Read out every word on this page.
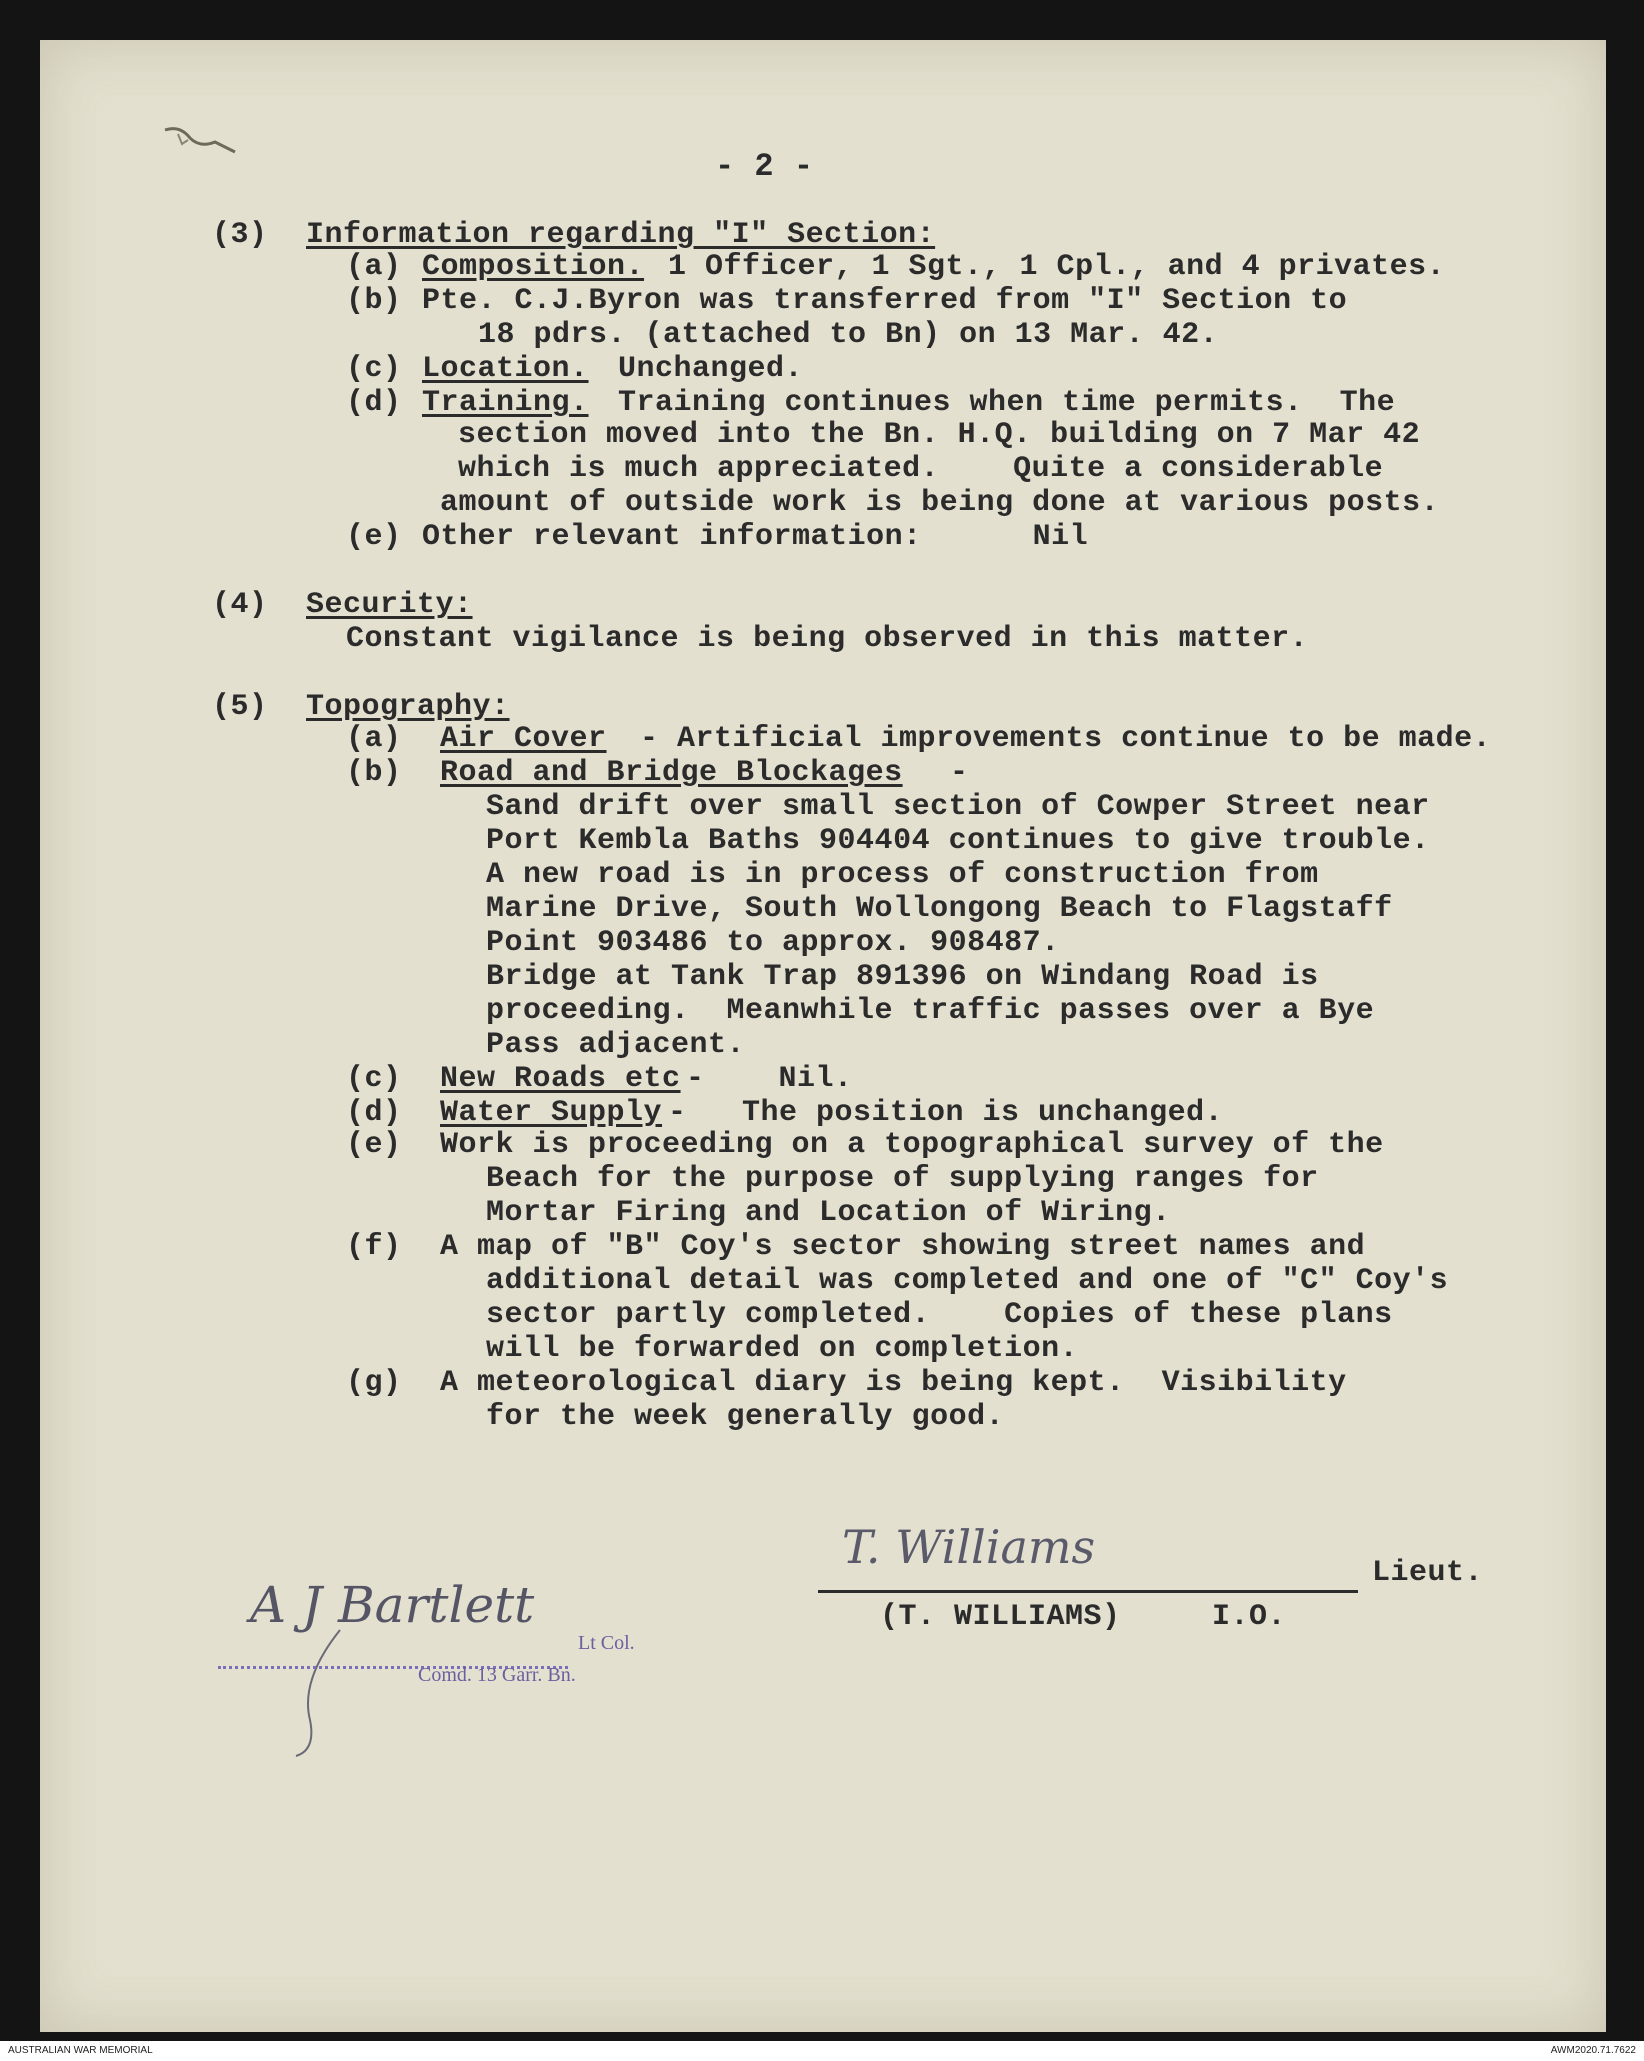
- 2 -
(3) Information regarding "I" Section:
(a) Composition. 1 Officer, 1 Sgt., 1 Cpl., and 4 privates.
(b) Pte. C.J.Byron was transferred from "I" Section to
18 pdrs. (attached to Bn) on 13 Mar. 42.
(c) Location. Unchanged.
(d) Training. Training continues when time permits.  The
section moved into the Bn. H.Q. building on 7 Mar 42
which is much appreciated.    Quite a considerable
amount of outside work is being done at various posts.
(e) Other relevant information:      Nil
(4) Security:
Constant vigilance is being observed in this matter.
(5) Topography:
(a) Air Cover - Artificial improvements continue to be made.
(b) Road and Bridge Blockages -
Sand drift over small section of Cowper Street near
Port Kembla Baths 904404 continues to give trouble.
A new road is in process of construction from
Marine Drive, South Wollongong Beach to Flagstaff
Point 903486 to approx. 908487.
Bridge at Tank Trap 891396 on Windang Road is
proceeding.  Meanwhile traffic passes over a Bye
Pass adjacent.
(c) New Roads etc -    Nil.
(d) Water Supply -   The position is unchanged.
(e) Work is proceeding on a topographical survey of the
Beach for the purpose of supplying ranges for
Mortar Firing and Location of Wiring.
(f) A map of "B" Coy's sector showing street names and
additional detail was completed and one of "C" Coy's
sector partly completed.    Copies of these plans
will be forwarded on completion.
(g) A meteorological diary is being kept.  Visibility
for the week generally good.
T. Williams	Lieut.
(T. WILLIAMS)	I.O.
A J Bartlett
Lt Col.
Comd. 13 Garr. Bn.
AUSTRALIAN WAR MEMORIAL	AWM2020.71.7622
